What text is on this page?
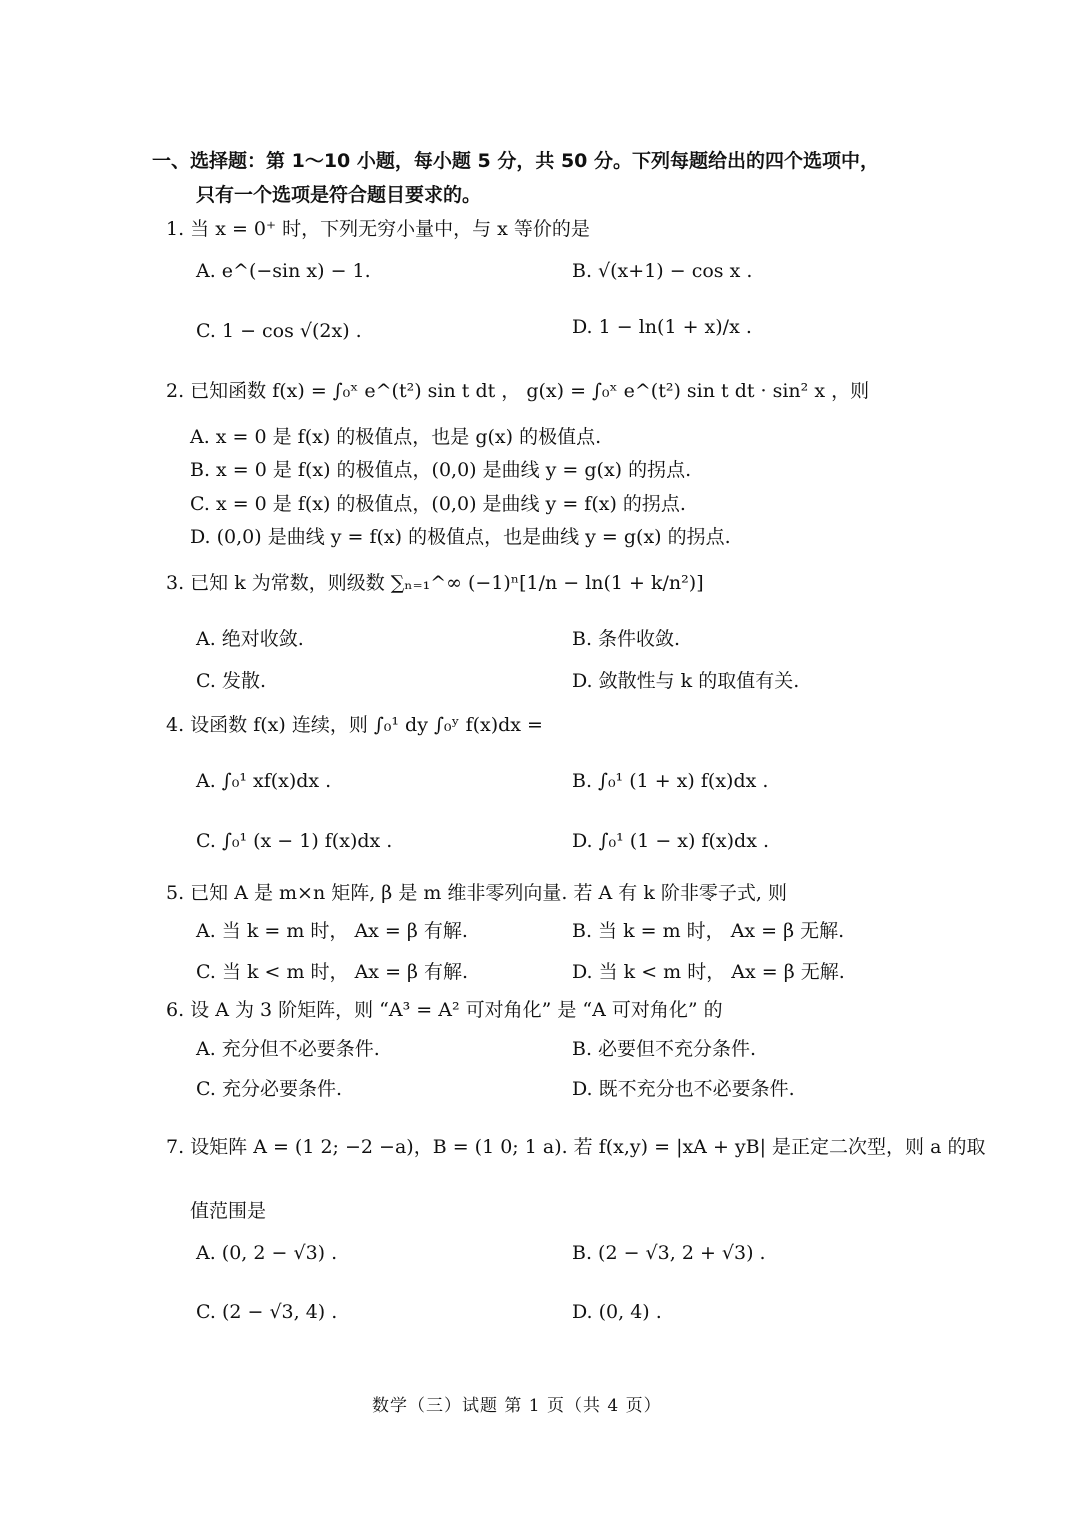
一、选择题：第 1～10 小题，每小题 5 分，共 50 分。下列每题给出的四个选项中，
只有一个选项是符合题目要求的。
1. 当 x = 0⁺ 时，下列无穷小量中，与 x 等价的是
A. e^(−sin x) − 1.	B. √(x+1) − cos x .
C. 1 − cos √(2x) .	D. 1 − ln(1 + x)/x .
2. 已知函数 f(x) = ∫₀ˣ e^(t²) sin t dt ， g(x) = ∫₀ˣ e^(t²) sin t dt · sin² x ，则
A. x = 0 是 f(x) 的极值点，也是 g(x) 的极值点.
B. x = 0 是 f(x) 的极值点，(0,0) 是曲线 y = g(x) 的拐点.
C. x = 0 是 f(x) 的极值点，(0,0) 是曲线 y = f(x) 的拐点.
D. (0,0) 是曲线 y = f(x) 的极值点，也是曲线 y = g(x) 的拐点.
3. 已知 k 为常数，则级数 ∑ₙ₌₁^∞ (−1)ⁿ[1/n − ln(1 + k/n²)]
A. 绝对收敛.	B. 条件收敛.
C. 发散.	D. 敛散性与 k 的取值有关.
4. 设函数 f(x) 连续，则 ∫₀¹ dy ∫₀ʸ f(x)dx =
A. ∫₀¹ xf(x)dx .	B. ∫₀¹ (1 + x) f(x)dx .
C. ∫₀¹ (x − 1) f(x)dx .	D. ∫₀¹ (1 − x) f(x)dx .
5. 已知 A 是 m×n 矩阵, β 是 m 维非零列向量. 若 A 有 k 阶非零子式, 则
A. 当 k = m 时， Ax = β 有解.	B. 当 k = m 时， Ax = β 无解.
C. 当 k < m 时， Ax = β 有解.	D. 当 k < m 时， Ax = β 无解.
6. 设 A 为 3 阶矩阵，则 “A³ = A² 可对角化” 是 “A 可对角化” 的
A. 充分但不必要条件.	B. 必要但不充分条件.
C. 充分必要条件.	D. 既不充分也不必要条件.
7. 设矩阵 A = (1 2; −2 −a)，B = (1 0; 1 a). 若 f(x,y) = |xA + yB| 是正定二次型，则 a 的取
值范围是
A. (0, 2 − √3) .	B. (2 − √3, 2 + √3) .
C. (2 − √3, 4) .	D. (0, 4) .
数学（三）试题 第 1 页（共 4 页）
